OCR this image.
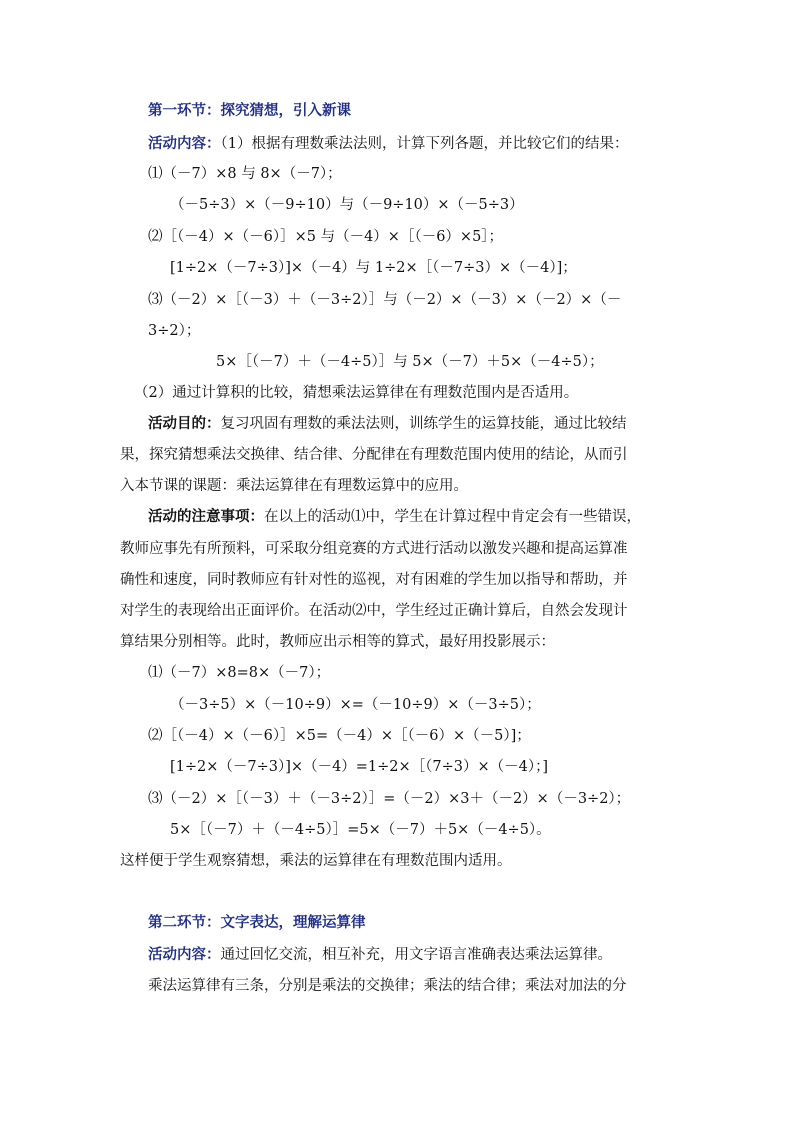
第一环节：探究猜想，引入新课
活动内容：（1）根据有理数乘法法则，计算下列各题，并比较它们的结果：
⑴（－7）×8 与 8×（－7）；
（－5÷3）×（－9÷10）与（－9÷10）×（－5÷3）
⑵［（－4）×（－6）］×5 与（－4）×［（－6）×5］；
[1÷2×（－7÷3）]×（－4）与 1÷2×［（－7÷3）×（－4）]；
⑶（－2）×［（－3）＋（－3÷2）］与（－2）×（－3）×（－2）×（－
3÷2）；
5×［（－7）＋（－4÷5）］与 5×（－7）＋5×（－4÷5）；
（2）通过计算积的比较，猜想乘法运算律在有理数范围内是否适用。
活动目的：复习巩固有理数的乘法法则，训练学生的运算技能，通过比较结
果，探究猜想乘法交换律、结合律、分配律在有理数范围内使用的结论，从而引
入本节课的课题：乘法运算律在有理数运算中的应用。
活动的注意事项：在以上的活动⑴中，学生在计算过程中肯定会有一些错误，
教师应事先有所预料，可采取分组竞赛的方式进行活动以激发兴趣和提高运算准
确性和速度，同时教师应有针对性的巡视，对有困难的学生加以指导和帮助，并
对学生的表现给出正面评价。在活动⑵中，学生经过正确计算后，自然会发现计
算结果分别相等。此时，教师应出示相等的算式，最好用投影展示：
⑴（－7）×8=8×（－7）；
（－3÷5）×（－10÷9）×=（－10÷9）×（－3÷5）；
⑵［（－4）×（－6）］×5=（－4）×［（－6）×（－5）]；
[1÷2×（－7÷3）]×（－4）=1÷2×［（7÷3）×（－4）；]
⑶（－2）×［（－3）＋（－3÷2）］=（－2）×3＋（－2）×（－3÷2）；
5×［（－7）＋（－4÷5）］=5×（－7）＋5×（－4÷5）。
这样便于学生观察猜想，乘法的运算律在有理数范围内适用。
第二环节：文字表达，理解运算律
活动内容：通过回忆交流，相互补充，用文字语言准确表达乘法运算律。
乘法运算律有三条，分别是乘法的交换律；乘法的结合律；乘法对加法的分
